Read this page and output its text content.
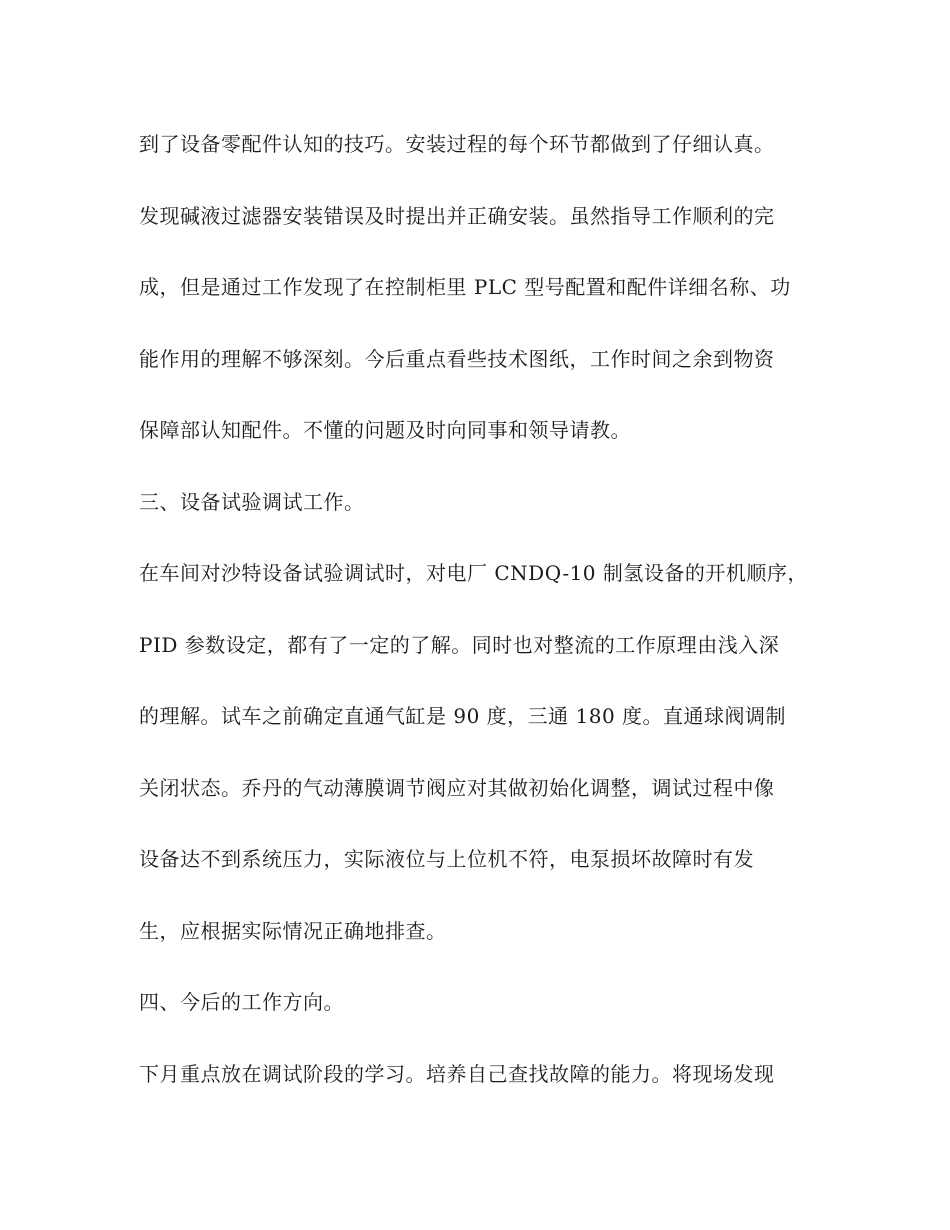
到了设备零配件认知的技巧。安装过程的每个环节都做到了仔细认真。
发现碱液过滤器安装错误及时提出并正确安装。虽然指导工作顺利的完
成，但是通过工作发现了在控制柜里 PLC 型号配置和配件详细名称、功
能作用的理解不够深刻。今后重点看些技术图纸，工作时间之余到物资
保障部认知配件。不懂的问题及时向同事和领导请教。
三、设备试验调试工作。
在车间对沙特设备试验调试时，对电厂 CNDQ-10 制氢设备的开机顺序，
PID 参数设定，都有了一定的了解。同时也对整流的工作原理由浅入深
的理解。试车之前确定直通气缸是 90 度，三通 180 度。直通球阀调制
关闭状态。乔丹的气动薄膜调节阀应对其做初始化调整，调试过程中像
设备达不到系统压力，实际液位与上位机不符，电泵损坏故障时有发
生，应根据实际情况正确地排查。
四、今后的工作方向。
下月重点放在调试阶段的学习。培养自己查找故障的能力。将现场发现
